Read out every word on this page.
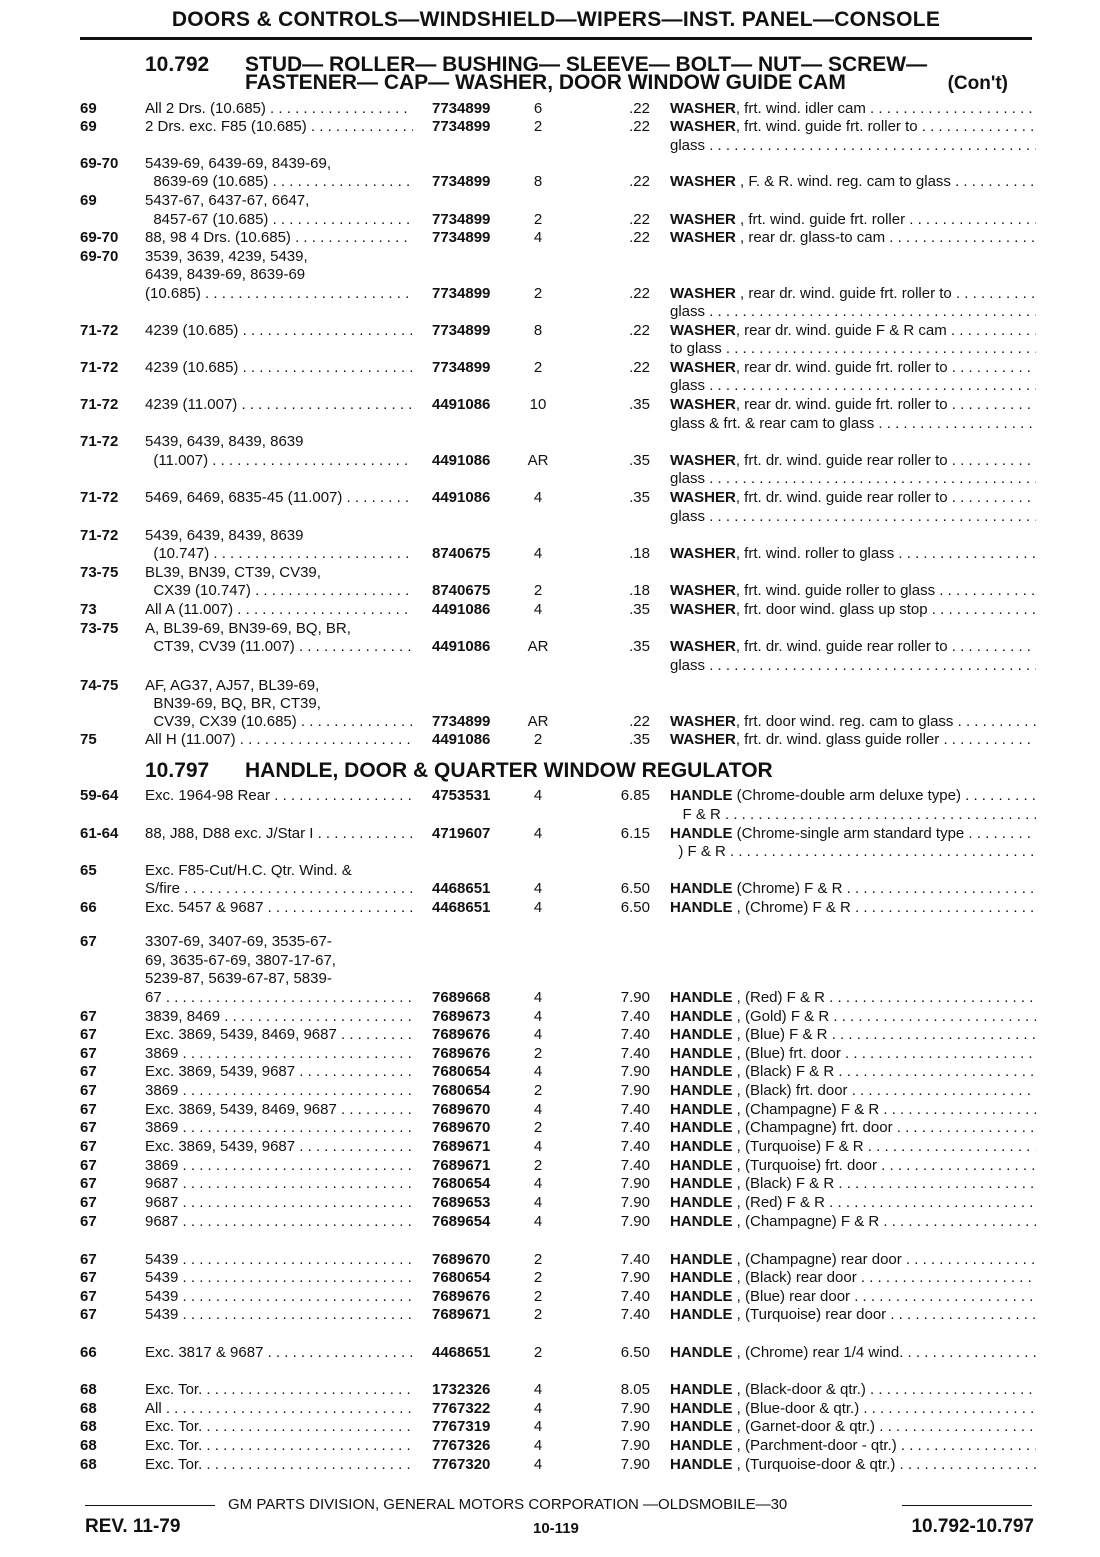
DOORS & CONTROLS—WINDSHIELD—WIPERS—INST. PANEL—CONSOLE
10.792 STUD— ROLLER— BUSHING— SLEEVE— BOLT— NUT— SCREW—
FASTENER— CAP— WASHER, DOOR WINDOW GUIDE CAM	(Con't)
10.797 HANDLE, DOOR & QUARTER WINDOW REGULATOR
69	All 2 Drs. (10.685) . . .	7734899	6	.22 WASHER, frt. wind. idler cam . . .
69	2 Drs. exc. F85 (10.685) . . .	7734899	2	.22 WASHER, frt. wind. guide frt. roller to . . .
glass . . .
69-70 5439-69, 6439-69, 8439-69,
8639-69 (10.685) . . .	7734899	8	.22 WASHER , F. & R. wind. reg. cam to glass . . .
69	5437-67, 6437-67, 6647,
8457-67 (10.685) . . .	7734899	2	.22 WASHER , frt. wind. guide frt. roller . . .
69-70 88, 98 4 Drs. (10.685) . . .	7734899	4	.22 WASHER , rear dr. glass-to cam . . .
69-70 3539, 3639, 4239, 5439,
6439, 8439-69, 8639-69
(10.685) . . .	7734899	2	.22 WASHER , rear dr. wind. guide frt. roller to . . .
glass . . .
71-72 4239 (10.685) . . .	7734899	8	.22 WASHER, rear dr. wind. guide F & R cam . . .
to glass . . .
71-72 4239 (10.685) . . .	7734899	2	.22 WASHER, rear dr. wind. guide frt. roller to . . .
glass . . .
71-72 4239 (11.007) . . .	4491086	10	.35 WASHER, rear dr. wind. guide frt. roller to . . .
glass & frt. & rear cam to glass . . .
71-72 5439, 6439, 8439, 8639
(11.007) . . .	4491086	AR	.35 WASHER, frt. dr. wind. guide rear roller to . . .
glass . . .
71-72 5469, 6469, 6835-45 (11.007) . . .	4491086	4	.35 WASHER, frt. dr. wind. guide rear roller to . . .
glass . . .
71-72 5439, 6439, 8439, 8639
(10.747) . . .	8740675	4	.18 WASHER, frt. wind. roller to glass . . .
73-75 BL39, BN39, CT39, CV39,
CX39 (10.747) . . .	8740675	2	.18 WASHER, frt. wind. guide roller to glass . . .
73	All A (11.007) . . .	4491086	4	.35 WASHER, frt. door wind. glass up stop . . .
73-75 A, BL39-69, BN39-69, BQ, BR,
CT39, CV39 (11.007) . . .	4491086	AR	.35 WASHER, frt. dr. wind. guide rear roller to . . .
glass . . .
74-75 AF, AG37, AJ57, BL39-69,
BN39-69, BQ, BR, CT39,
CV39, CX39 (10.685) . . .	7734899	AR	.22 WASHER, frt. door wind. reg. cam to glass . . .
75	All H (11.007) . . .	4491086	2	.35 WASHER, frt. dr. wind. glass guide roller . . .
59-64 Exc. 1964-98 Rear . . .	4753531	4	6.85 HANDLE (Chrome-double arm deluxe type) . . .
F & R . . .
61-64 88, J88, D88 exc. J/Star I . . .	4719607	4	6.15 HANDLE (Chrome-single arm standard type . . .
) F & R . . .
65	Exc. F85-Cut/H.C. Qtr. Wind. &
S/fire . . .	4468651	4	6.50 HANDLE (Chrome) F & R . . .
66	Exc. 5457 & 9687 . . .	4468651	4	6.50 HANDLE , (Chrome) F & R . . .
67	3307-69, 3407-69, 3535-67-
69, 3635-67-69, 3807-17-67,
5239-87, 5639-67-87, 5839-
67 . . .	7689668	4	7.90 HANDLE , (Red) F & R . . .
67	3839, 8469 . . .	7689673	4	7.40 HANDLE , (Gold) F & R . . .
67	Exc. 3869, 5439, 8469, 9687 . . .	7689676	4	7.40 HANDLE , (Blue) F & R . . .
67	3869 . . .	7689676	2	7.40 HANDLE , (Blue) frt. door . . .
67	Exc. 3869, 5439, 9687 . . .	7680654	4	7.90 HANDLE , (Black) F & R . . .
67	3869 . . .	7680654	2	7.90 HANDLE , (Black) frt. door . . .
67	Exc. 3869, 5439, 8469, 9687 . . .	7689670	4	7.40 HANDLE , (Champagne) F & R . . .
67	3869 . . .	7689670	2	7.40 HANDLE , (Champagne) frt. door . . .
67	Exc. 3869, 5439, 9687 . . .	7689671	4	7.40 HANDLE , (Turquoise) F & R . . .
67	3869 . . .	7689671	2	7.40 HANDLE , (Turquoise) frt. door . . .
67	9687 . . .	7680654	4	7.90 HANDLE , (Black) F & R . . .
67	9687 . . .	7689653	4	7.90 HANDLE , (Red) F & R . . .
67	9687 . . .	7689654	4	7.90 HANDLE , (Champagne) F & R . . .
67	5439 . . .	7689670	2	7.40 HANDLE , (Champagne) rear door . . .
67	5439 . . .	7680654	2	7.90 HANDLE , (Black) rear door . . .
67	5439 . . .	7689676	2	7.40 HANDLE , (Blue) rear door . . .
67	5439 . . .	7689671	2	7.40 HANDLE , (Turquoise) rear door . . .
66	Exc. 3817 & 9687 . . .	4468651	2	6.50 HANDLE , (Chrome) rear 1/4 wind. . . .
68	Exc. Tor. . . .	1732326	4	8.05 HANDLE , (Black-door & qtr.) . . .
68	All . . .	7767322	4	7.90 HANDLE , (Blue-door & qtr.) . . .
68	Exc. Tor. . . .	7767319	4	7.90 HANDLE , (Garnet-door & qtr.) . . .
68	Exc. Tor. . . .	7767326	4	7.90 HANDLE , (Parchment-door - qtr.) . . .
68	Exc. Tor. . . .	7767320	4	7.90 HANDLE , (Turquoise-door & qtr.) . . .
GM PARTS DIVISION, GENERAL MOTORS CORPORATION —OLDSMOBILE—30
REV. 11-79	10-119	10.792-10.797
